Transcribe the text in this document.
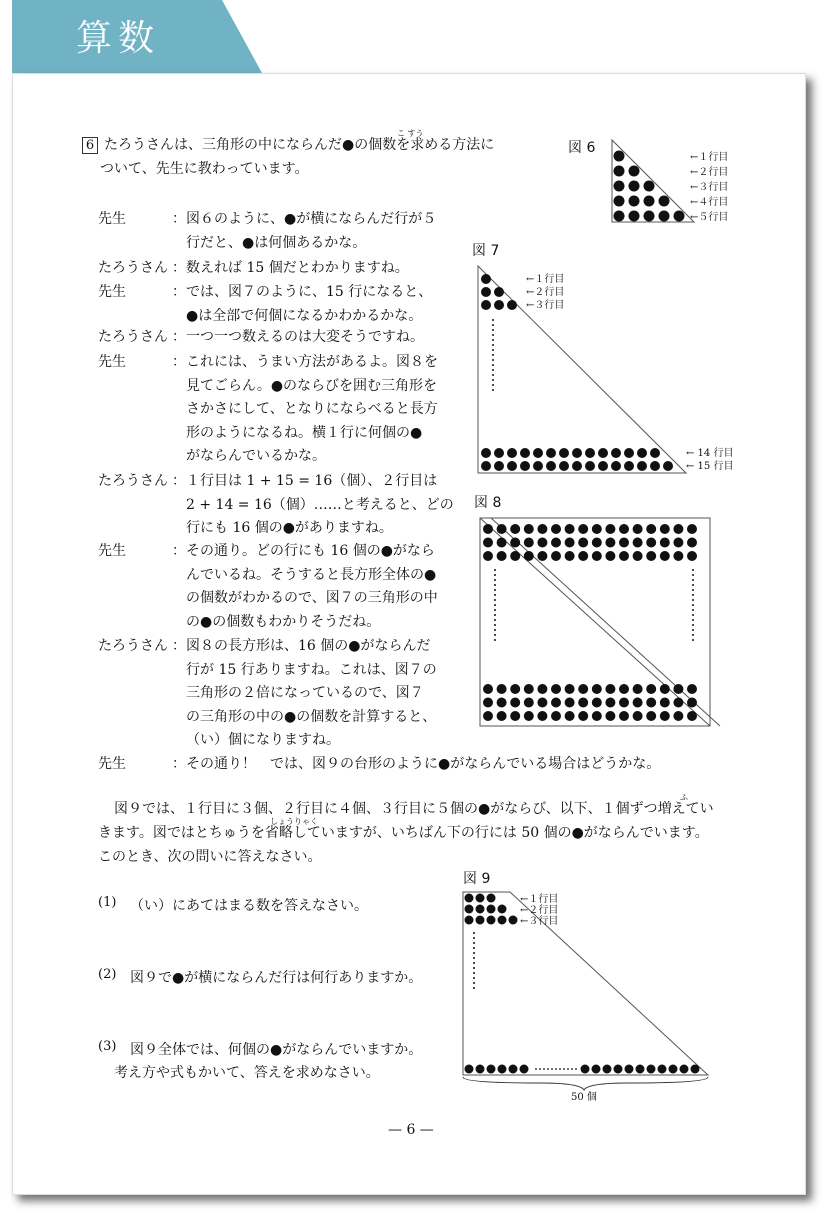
算数
6 たろうさんは、三角形の中にならんだ●の個数を求める方法に
こ すう
ついて、先生に教わっています。
先生	：図６のように、●が横にならんだ行が５
行だと、●は何個あるかな。
たろうさん ：数えれば 15 個だとわかりますね。
先生	：では、図７のように、15 行になると、
●は全部で何個になるかわかるかな。
たろうさん ：一つ一つ数えるのは大変そうですね。
先生	：これには、うまい方法があるよ。図８を
見てごらん。●のならびを囲む三角形を
さかさにして、となりにならべると長方
形のようになるね。横１行に何個の●
がならんでいるかな。
たろうさん ：１行目は 1 + 15 = 16（個）、２行目は
2 + 14 = 16（個）……と考えると、どの
行にも 16 個の●がありますね。
先生	：その通り。どの行にも 16 個の●がなら
んでいるね。そうすると長方形全体の●
の個数がわかるので、図７の三角形の中
の●の個数もわかりそうだね。
たろうさん ：図８の長方形は、16 個の●がならんだ
行が 15 行ありますね。これは、図７の
三角形の２倍になっているので、図７
の三角形の中の●の個数を計算すると、
（い）個になりますね。
先生	：その通り！　では、図９の台形のように●がならんでいる場合はどうかな。
図９では、１行目に３個、２行目に４個、３行目に５個の●がならび、以下、１個ずつ増えてい
ふ
きます。図ではとちゅうを省略していますが、いちばん下の行には 50 個の●がならんでいます。
しょうりゃく
このとき、次の問いに答えなさい。
(1) （い）にあてはまる数を答えなさい。
(2) 図９で●が横にならんだ行は何行ありますか。
(3) 図９全体では、何個の●がならんでいますか。
考え方や式もかいて、答えを求めなさい。
図 6
図 7
図 8
図 9
←１行目
←２行目
←３行目
←４行目
←５行目
←１行目
←２行目
←３行目
← 14 行目
← 15 行目
←１行目
←２行目
←３行目
50 個
— 6 —
